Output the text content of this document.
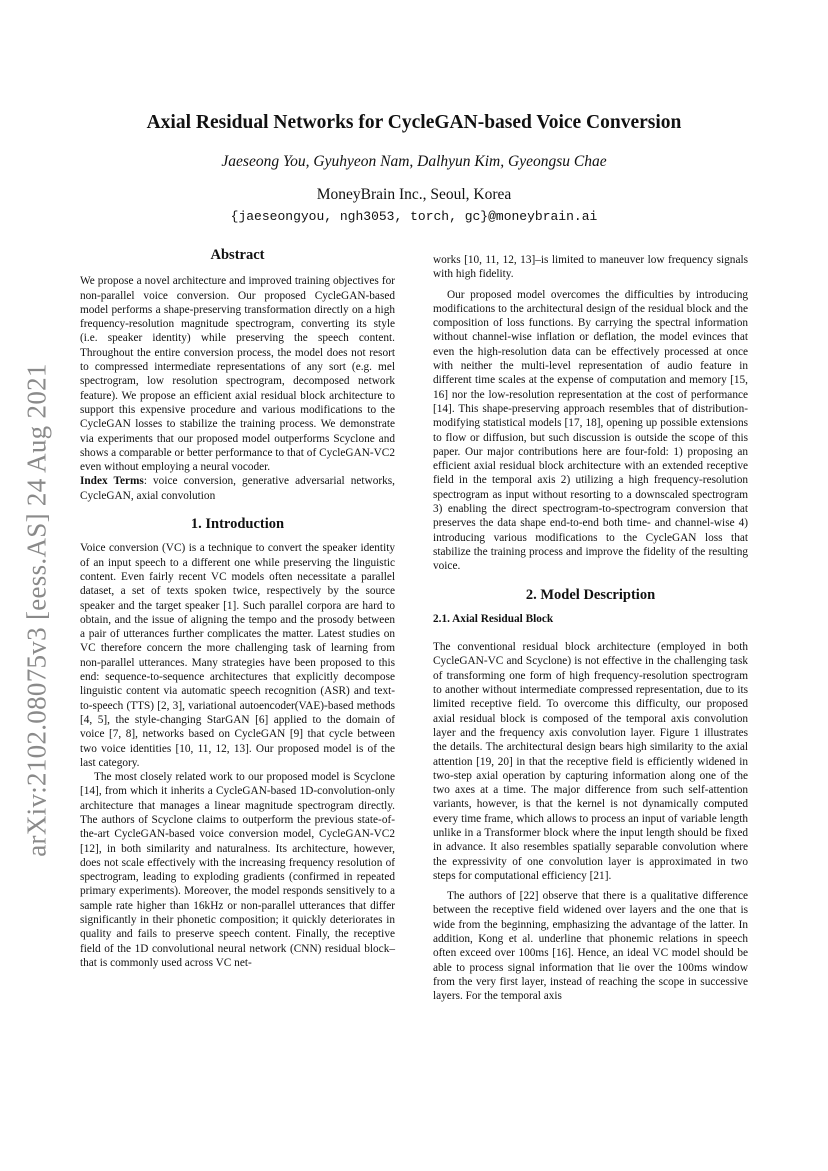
arXiv:2102.08075v3 [eess.AS] 24 Aug 2021
Axial Residual Networks for CycleGAN-based Voice Conversion
Jaeseong You, Gyuhyeon Nam, Dalhyun Kim, Gyeongsu Chae
MoneyBrain Inc., Seoul, Korea
{jaeseongyou, ngh3053, torch, gc}@moneybrain.ai
Abstract

We propose a novel architecture and improved training objectives for non-parallel voice conversion. Our proposed CycleGAN-based model performs a shape-preserving transformation directly on a high frequency-resolution magnitude spectrogram, converting its style (i.e. speaker identity) while preserving the speech content. Throughout the entire conversion process, the model does not resort to compressed intermediate representations of any sort (e.g. mel spectrogram, low resolution spectrogram, decomposed network feature). We propose an efficient axial residual block architecture to support this expensive procedure and various modifications to the CycleGAN losses to stabilize the training process. We demonstrate via experiments that our proposed model outperforms Scyclone and shows a comparable or better performance to that of CycleGAN-VC2 even without employing a neural vocoder.

Index Terms: voice conversion, generative adversarial networks, CycleGAN, axial convolution

1. Introduction

Voice conversion (VC) is a technique to convert the speaker identity of an input speech to a different one while preserving the linguistic content. Even fairly recent VC models often necessitate a parallel dataset, a set of texts spoken twice, respectively by the source speaker and the target speaker [1]. Such parallel corpora are hard to obtain, and the issue of aligning the tempo and the prosody between a pair of utterances further complicates the matter. Latest studies on VC therefore concern the more challenging task of learning from non-parallel utterances. Many strategies have been proposed to this end: sequence-to-sequence architectures that explicitly decompose linguistic content via automatic speech recognition (ASR) and text-to-speech (TTS) [2, 3], variational autoencoder(VAE)-based methods [4, 5], the style-changing StarGAN [6] applied to the domain of voice [7, 8], networks based on CycleGAN [9] that cycle between two voice identities [10, 11, 12, 13]. Our proposed model is of the last category.

The most closely related work to our proposed model is Scyclone [14], from which it inherits a CycleGAN-based 1D-convolution-only architecture that manages a linear magnitude spectrogram directly. The authors of Scyclone claims to outperform the previous state-of-the-art CycleGAN-based voice conversion model, CycleGAN-VC2 [12], in both similarity and naturalness. Its architecture, however, does not scale effectively with the increasing frequency resolution of spectrogram, leading to exploding gradients (confirmed in repeated primary experiments). Moreover, the model responds sensitively to a sample rate higher than 16kHz or non-parallel utterances that differ significantly in their phonetic composition; it quickly deteriorates in quality and fails to preserve speech content. Finally, the receptive field of the 1D convolutional neural network (CNN) residual block–that is commonly used across VC net-

works [10, 11, 12, 13]–is limited to maneuver low frequency signals with high fidelity.

Our proposed model overcomes the difficulties by introducing modifications to the architectural design of the residual block and the composition of loss functions. By carrying the spectral information without channel-wise inflation or deflation, the model evinces that even the high-resolution data can be effectively processed at once with neither the multi-level representation of audio feature in different time scales at the expense of computation and memory [15, 16] nor the low-resolution representation at the cost of performance [14]. This shape-preserving approach resembles that of distribution-modifying statistical models [17, 18], opening up possible extensions to flow or diffusion, but such discussion is outside the scope of this paper. Our major contributions here are four-fold: 1) proposing an efficient axial residual block architecture with an extended receptive field in the temporal axis 2) utilizing a high frequency-resolution spectrogram as input without resorting to a downscaled spectrogram 3) enabling the direct spectrogram-to-spectrogram conversion that preserves the data shape end-to-end both time- and channel-wise 4) introducing various modifications to the CycleGAN loss that stabilize the training process and improve the fidelity of the resulting voice.

2. Model Description
2.1. Axial Residual Block

The conventional residual block architecture (employed in both CycleGAN-VC and Scyclone) is not effective in the challenging task of transforming one form of high frequency-resolution spectrogram to another without intermediate compressed representation, due to its limited receptive field. To overcome this difficulty, our proposed axial residual block is composed of the temporal axis convolution layer and the frequency axis convolution layer. Figure 1 illustrates the details. The architectural design bears high similarity to the axial attention [19, 20] in that the receptive field is efficiently widened in two-step axial operation by capturing information along one of the two axes at a time. The major difference from such self-attention variants, however, is that the kernel is not dynamically computed every time frame, which allows to process an input of variable length unlike in a Transformer block where the input length should be fixed in advance. It also resembles spatially separable convolution where the expressivity of one convolution layer is approximated in two steps for computational efficiency [21].

The authors of [22] observe that there is a qualitative difference between the receptive field widened over layers and the one that is wide from the beginning, emphasizing the advantage of the latter. In addition, Kong et al. underline that phonemic relations in speech often exceed over 100ms [16]. Hence, an ideal VC model should be able to process signal information that lie over the 100ms window from the very first layer, instead of reaching the scope in successive layers. For the temporal axis
